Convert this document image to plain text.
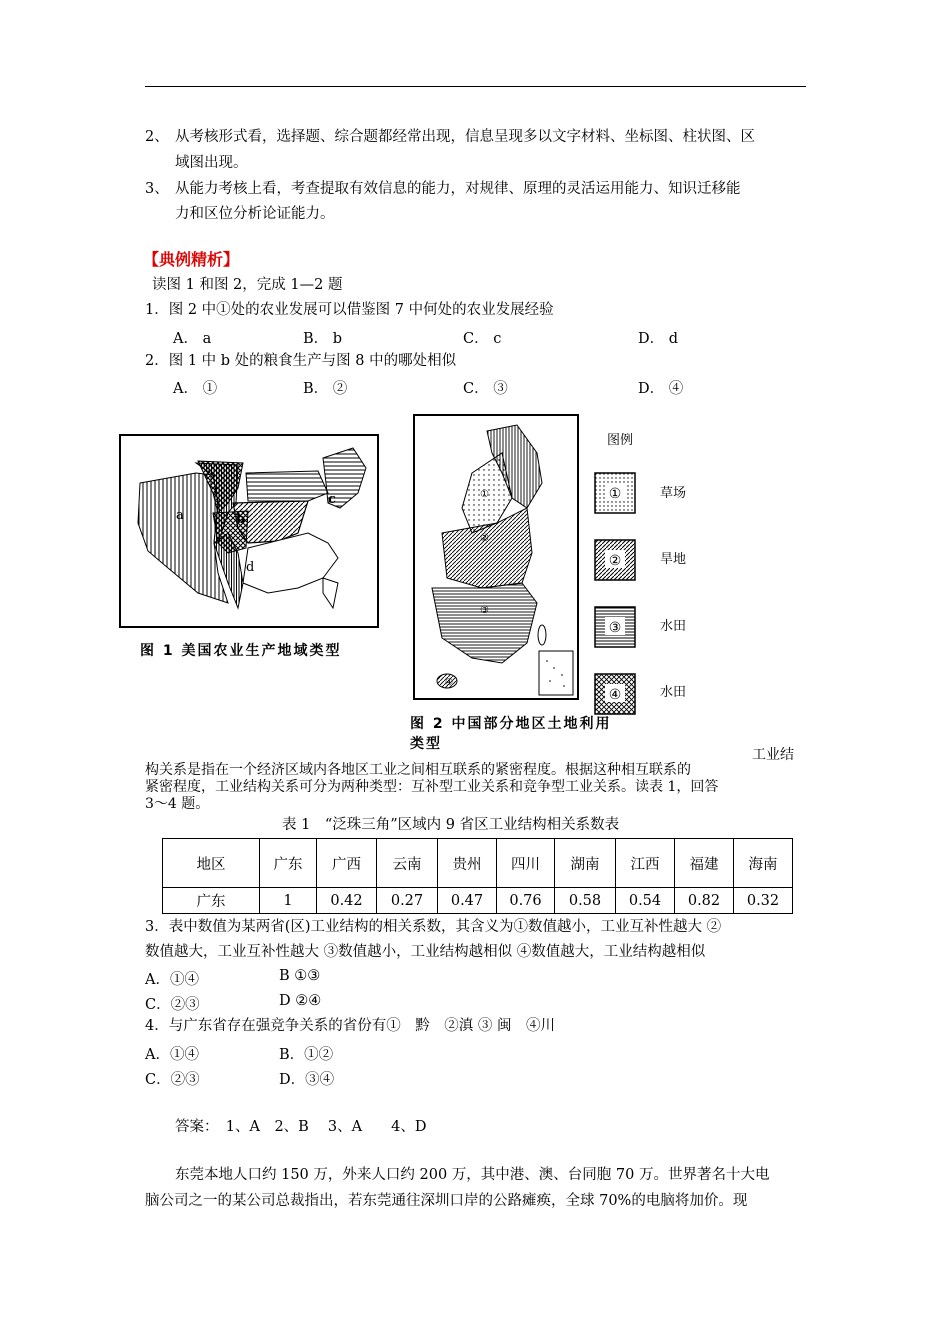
2、 从考核形式看，选择题、综合题都经常出现，信息呈现多以文字材料、坐标图、柱状图、区
域图出现。
3、 从能力考核上看，考查提取有效信息的能力，对规律、原理的灵活运用能力、知识迁移能
力和区位分析论证能力。
【典例精析】
读图 1 和图 2，完成 1—2 题
1．图 2 中①处的农业发展可以借鉴图 7 中何处的农业发展经验
A． a	B． b	C． c	D． d
2．图 1 中 b 处的粮食生产与图 8 中的哪处相似
A． ①	B． ②	C． ③	D． ④
a	b
c
d
图 1 美国农业生产地域类型
①
②
③
④
图 2 中国部分地区土地利用
类型
图例
①
②
③
④
草场
旱地
水田
水田
工业结
构关系是指在一个经济区域内各地区工业之间相互联系的紧密程度。根据这种相互联系的
紧密程度，工业结构关系可分为两种类型：互补型工业关系和竞争型工业关系。读表 1，回答
3～4 题。
表 1　“泛珠三角”区域内 9 省区工业结构相关系数表
地区	广东	广西	云南	贵州	四川	湖南	江西	福建	海南
广东	1	0.42	0.27	0.47	0.76	0.58	0.54	0.82	0.32
3．表中数值为某两省(区)工业结构的相关系数，其含义为①数值越小，工业互补性越大 ②
数值越大，工业互补性越大 ③数值越小，工业结构越相似 ④数值越大，工业结构越相似
A．①④	B ①③
C．②③	D ②④
4．与广东省存在强竞争关系的省份有①　黔　②滇 ③ 闽　④川
A．①④	B．①②
C．②③	D．③④
答案：　1、A　2、B　 3、A　　4、D
东莞本地人口约 150 万，外来人口约 200 万，其中港、澳、台同胞 70 万。世界著名十大电
脑公司之一的某公司总裁指出，若东莞通往深圳口岸的公路瘫痪，全球 70%的电脑将加价。现
